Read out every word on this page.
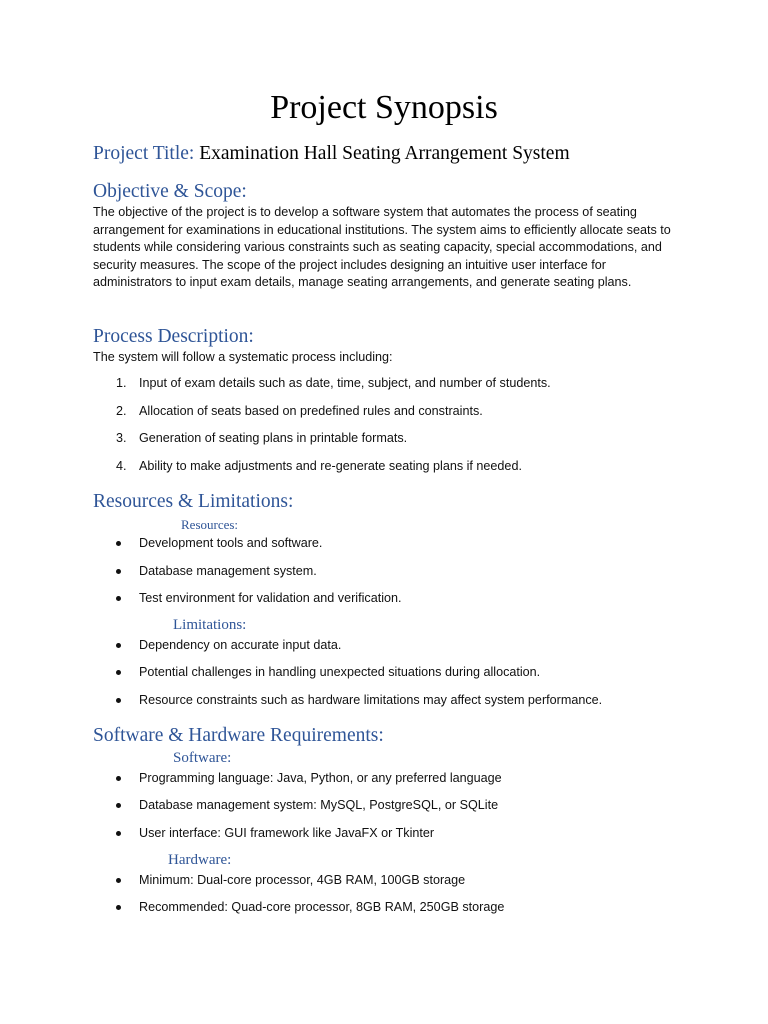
Project Synopsis
Project Title: Examination Hall Seating Arrangement System
Objective & Scope:
The objective of the project is to develop a software system that automates the process of seating arrangement for examinations in educational institutions. The system aims to efficiently allocate seats to students while considering various constraints such as seating capacity, special accommodations, and security measures. The scope of the project includes designing an intuitive user interface for administrators to input exam details, manage seating arrangements, and generate seating plans.
Process Description:
The system will follow a systematic process including:
1. Input of exam details such as date, time, subject, and number of students.
2. Allocation of seats based on predefined rules and constraints.
3. Generation of seating plans in printable formats.
4. Ability to make adjustments and re-generate seating plans if needed.
Resources & Limitations:
Resources:
Development tools and software.
Database management system.
Test environment for validation and verification.
Limitations:
Dependency on accurate input data.
Potential challenges in handling unexpected situations during allocation.
Resource constraints such as hardware limitations may affect system performance.
Software & Hardware Requirements:
Software:
Programming language: Java, Python, or any preferred language
Database management system: MySQL, PostgreSQL, or SQLite
User interface: GUI framework like JavaFX or Tkinter
Hardware:
Minimum: Dual-core processor, 4GB RAM, 100GB storage
Recommended: Quad-core processor, 8GB RAM, 250GB storage
